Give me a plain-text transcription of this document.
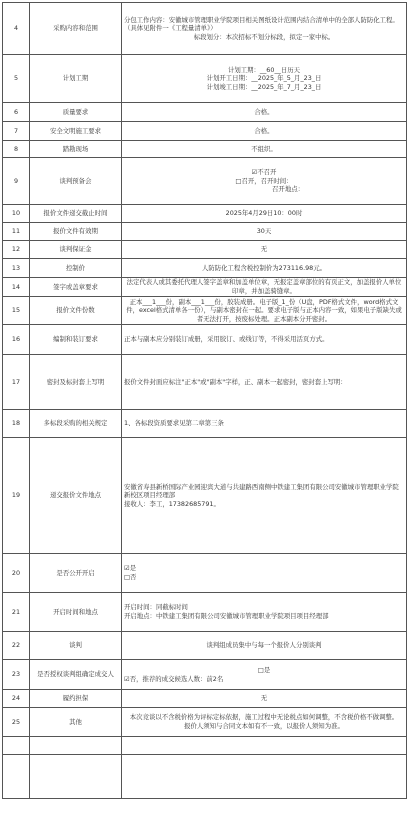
4	采购内容和范围	分包工作内容：安徽城市管理职业学院项目相关图纸设计范围内结合清单中的全部人防防化工程。（具体见附件一《工程量清单》）
标段划分：本次招标不划分标段，拟定一家中标。

5	计划工期	计划工期：__60__日历天
计划开工日期：__2025_年_5_月_23_日
计划竣工日期：__2025_年_7_月_23_日

6	质量要求	合格。

7	安全文明施工要求	合格。

8	踏勘现场	不组织。

9	谈判预备会	☑不召开
□召开，召开时间：
召开地点：

10	报价文件递交截止时间	2025年4月29日10：00时

11	报价文件有效期	30天

12	谈判保证金	无

13	控制价	人防防化工程含税控制价为273116.98元。

14	签字或盖章要求	法定代表人或其委托代理人签字盖章和加盖单位章，无报定盖章部位的有页正文，加盖报价人单位印章，并加盖骑缝章。

15	报价文件份数	正本___1___份，副本___1___份，胶装成册。电子版_1_份（U盘，PDF格式文件，word格式文件，excel格式清单各一份），与副本密封在一起。要求电子版与正本内容一致，如果电子版缺失或者无法打开，按废标处理。正本副本分开密封。

16	编制和装订要求	正本与副本应分别装订成册，采用胶订、或线订等，不得采用活页方式。

17	密封及标封套上写明	报价文件封面应标注"正本"或"副本"字样，正、副本一起密封，密封套上写明：

18	多标段采购的相关规定	1、各标段资质要求见第二章第三条

19	递交报价文件地点	安徽省寿县新桥国际产业园迎宾大道与共建路西南侧中铁建工集团有限公司安徽城市管理职业学院新校区项目经理部
接收人：李工，17382685791。

20	是否公开开启	☑是
□否

21	开启时间和地点	开启时间：同截标时间
开启地点：中铁建工集团有限公司安徽城市管理职业学院项目项目经理部

22	谈判	谈判组成员集中与每一个报价人分别谈判

23	是否授权谈判组确定成交人	□是
☑否，推荐的成交候选人数：前2名

24	履约担保	无

25	其他	本次竞谈以不含税价格为评标定标依据，施工过程中无论税点如何调整，不含税价格不做调整。
报价人须知与合同文本如有不一致，以报价人须知为准。
